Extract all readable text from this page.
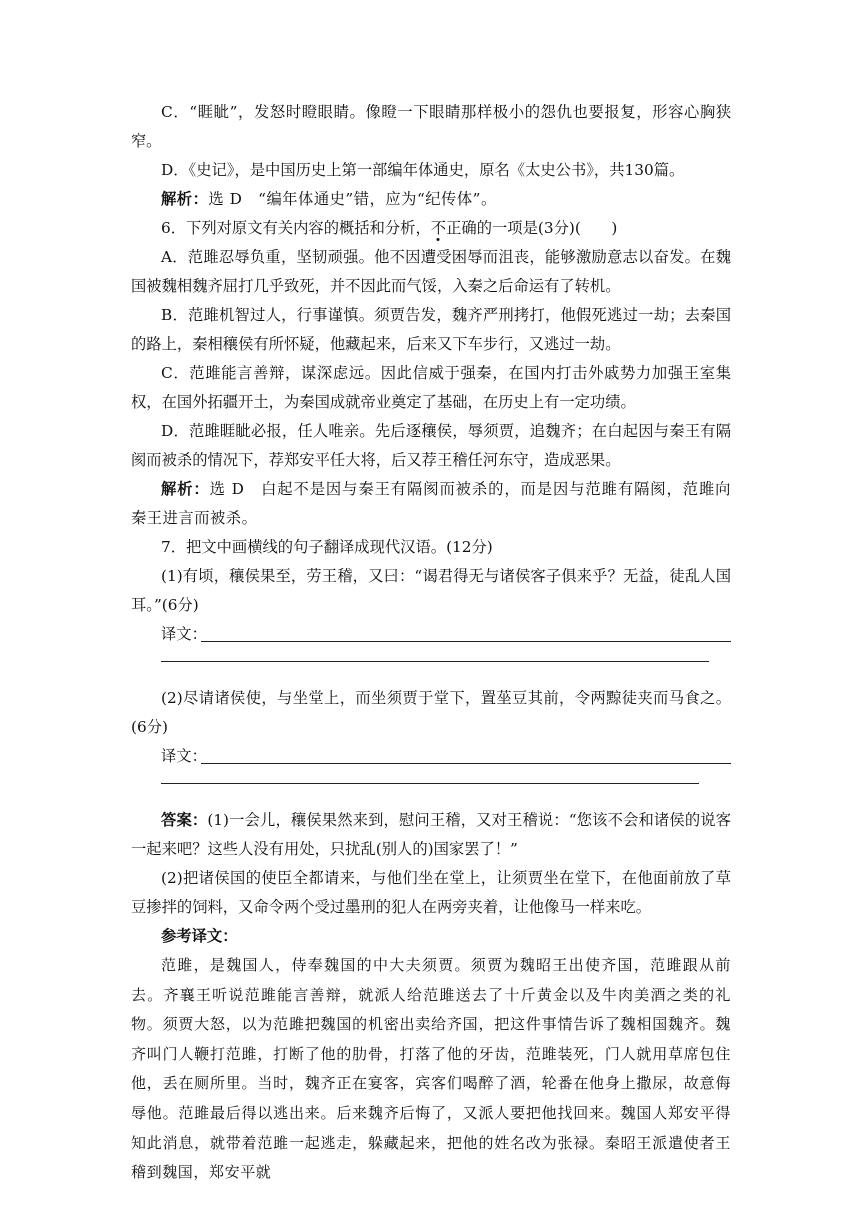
C．“睚眦”，发怒时瞪眼睛。像瞪一下眼睛那样极小的怨仇也要报复，形容心胸狭窄。

D．《史记》，是中国历史上第一部编年体通史，原名《太史公书》，共130篇。

解析：选 D　“编年体通史”错，应为“纪传体”。

6．下列对原文有关内容的概括和分析，不正确的一项是(3分)(　　)

A．范雎忍辱负重，坚韧顽强。他不因遭受困辱而沮丧，能够激励意志以奋发。在魏国被魏相魏齐屈打几乎致死，并不因此而气馁，入秦之后命运有了转机。

B．范雎机智过人，行事谨慎。须贾告发，魏齐严刑拷打，他假死逃过一劫；去秦国的路上，秦相穰侯有所怀疑，他藏起来，后来又下车步行，又逃过一劫。

C．范雎能言善辩，谋深虑远。因此信威于强秦，在国内打击外戚势力加强王室集权，在国外拓疆开土，为秦国成就帝业奠定了基础，在历史上有一定功绩。

D．范雎睚眦必报，任人唯亲。先后逐穰侯，辱须贾，追魏齐；在白起因与秦王有隔阂而被杀的情况下，荐郑安平任大将，后又荐王稽任河东守，造成恶果。

解析：选 D　白起不是因与秦王有隔阂而被杀的，而是因与范雎有隔阂，范雎向秦王进言而被杀。

7．把文中画横线的句子翻译成现代汉语。(12分)

(1)有顷，穰侯果至，劳王稽，又曰：“谒君得无与诸侯客子俱来乎？无益，徒乱人国耳。”(6分)

译文：

(2)尽请诸侯使，与坐堂上，而坐须贾于堂下，置莝豆其前，令两黥徒夹而马食之。(6分)

译文：

答案：(1)一会儿，穰侯果然来到，慰问王稽，又对王稽说：“您该不会和诸侯的说客一起来吧？这些人没有用处，只扰乱(别人的)国家罢了！”

(2)把诸侯国的使臣全都请来，与他们坐在堂上，让须贾坐在堂下，在他面前放了草豆掺拌的饲料，又命令两个受过墨刑的犯人在两旁夹着，让他像马一样来吃。

参考译文：

范雎，是魏国人，侍奉魏国的中大夫须贾。须贾为魏昭王出使齐国，范雎跟从前去。齐襄王听说范雎能言善辩，就派人给范雎送去了十斤黄金以及牛肉美酒之类的礼物。须贾大怒，以为范雎把魏国的机密出卖给齐国，把这件事情告诉了魏相国魏齐。魏齐叫门人鞭打范雎，打断了他的肋骨，打落了他的牙齿，范雎装死，门人就用草席包住他，丢在厕所里。当时，魏齐正在宴客，宾客们喝醉了酒，轮番在他身上撒尿，故意侮辱他。范雎最后得以逃出来。后来魏齐后悔了，又派人要把他找回来。魏国人郑安平得知此消息，就带着范雎一起逃走，躲藏起来，把他的姓名改为张禄。秦昭王派遣使者王稽到魏国，郑安平就
